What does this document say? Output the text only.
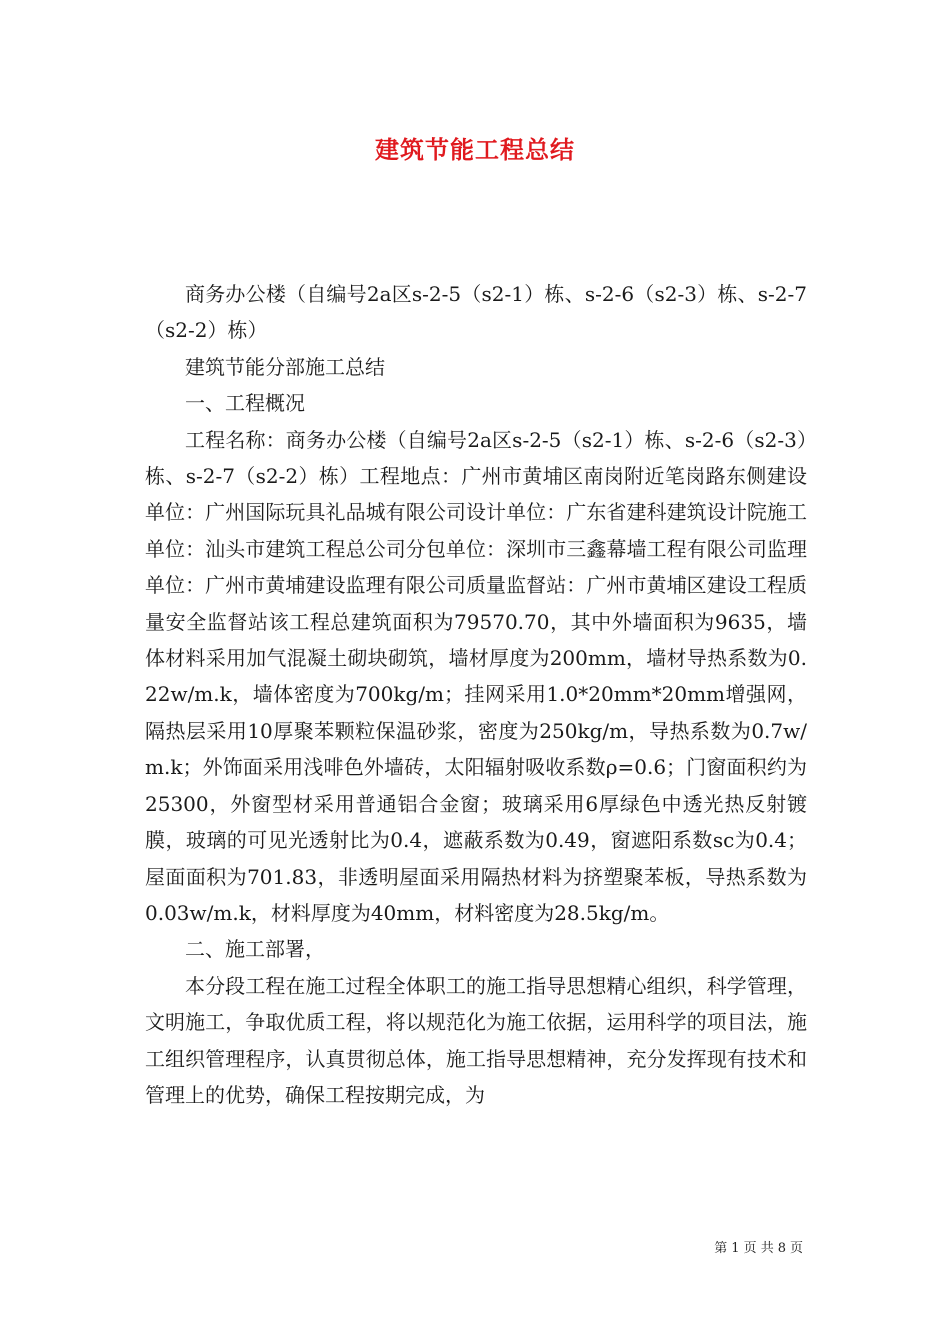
建筑节能工程总结

商务办公楼（自编号2a区s-2-5（s2-1）栋、s-2-6（s2-3）栋、s-2-7（s2-2）栋）

建筑节能分部施工总结

一、工程概况

工程名称：商务办公楼（自编号2a区s-2-5（s2-1）栋、s-2-6（s2-3）栋、s-2-7（s2-2）栋）工程地点：广州市黄埔区南岗附近笔岗路东侧建设单位：广州国际玩具礼品城有限公司设计单位：广东省建科建筑设计院施工单位：汕头市建筑工程总公司分包单位：深圳市三鑫幕墙工程有限公司监理单位：广州市黄埔建设监理有限公司质量监督站：广州市黄埔区建设工程质量安全监督站该工程总建筑面积为79570.70，其中外墙面积为9635，墙体材料采用加气混凝土砌块砌筑，墙材厚度为200mm，墙材导热系数为0.22w/m.k，墙体密度为700kg/m；挂网采用1.0*20mm*20mm增强网，隔热层采用10厚聚苯颗粒保温砂浆，密度为250kg/m，导热系数为0.7w/m.k；外饰面采用浅啡色外墙砖，太阳辐射吸收系数ρ=0.6；门窗面积约为25300，外窗型材采用普通铝合金窗；玻璃采用6厚绿色中透光热反射镀膜，玻璃的可见光透射比为0.4，遮蔽系数为0.49，窗遮阳系数sc为0.4；屋面面积为701.83，非透明屋面采用隔热材料为挤塑聚苯板，导热系数为0.03w/m.k，材料厚度为40mm，材料密度为28.5kg/m。

二、施工部署，

本分段工程在施工过程全体职工的施工指导思想精心组织，科学管理，文明施工，争取优质工程，将以规范化为施工依据，运用科学的项目法，施工组织管理程序，认真贯彻总体，施工指导思想精神，充分发挥现有技术和管理上的优势，确保工程按期完成，为

第 1 页 共 8 页
